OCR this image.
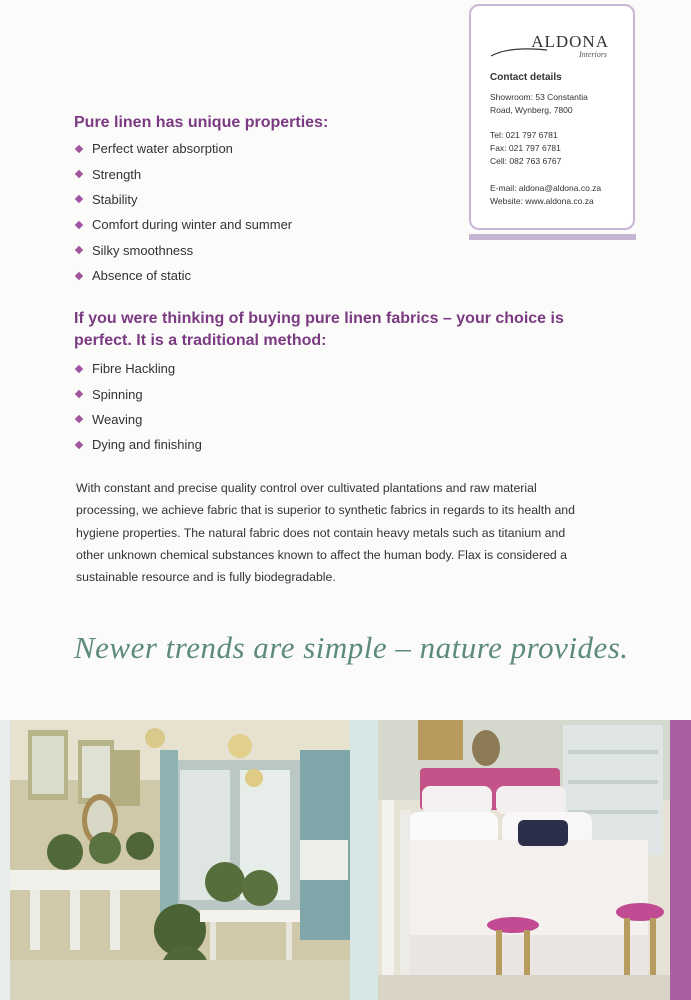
ALDONA
Interiors
Contact details
Showroom: 53 Constantia
Road, Wynberg, 7800
Tel: 021 797 6781
Fax: 021 797 6781
Cell: 082 763 6767
E-mail: aldona@aldona.co.za
Website: www.aldona.co.za
Pure linen has unique properties:
Perfect water absorption
Strength
Stability
Comfort during winter and summer
Silky smoothness
Absence of static
If you were thinking of buying pure linen fabrics – your choice is
perfect. It is a traditional method:
Fibre Hackling
Spinning
Weaving
Dying and finishing
With constant and precise quality control over cultivated plantations and raw material processing, we achieve fabric that is superior to synthetic fabrics in regards to its health and hygiene properties. The natural fabric does not contain heavy metals such as titanium and other unknown chemical substances known to affect the human body. Flax is considered a sustainable resource and is fully biodegradable.
Newer trends are simple – nature provides.
